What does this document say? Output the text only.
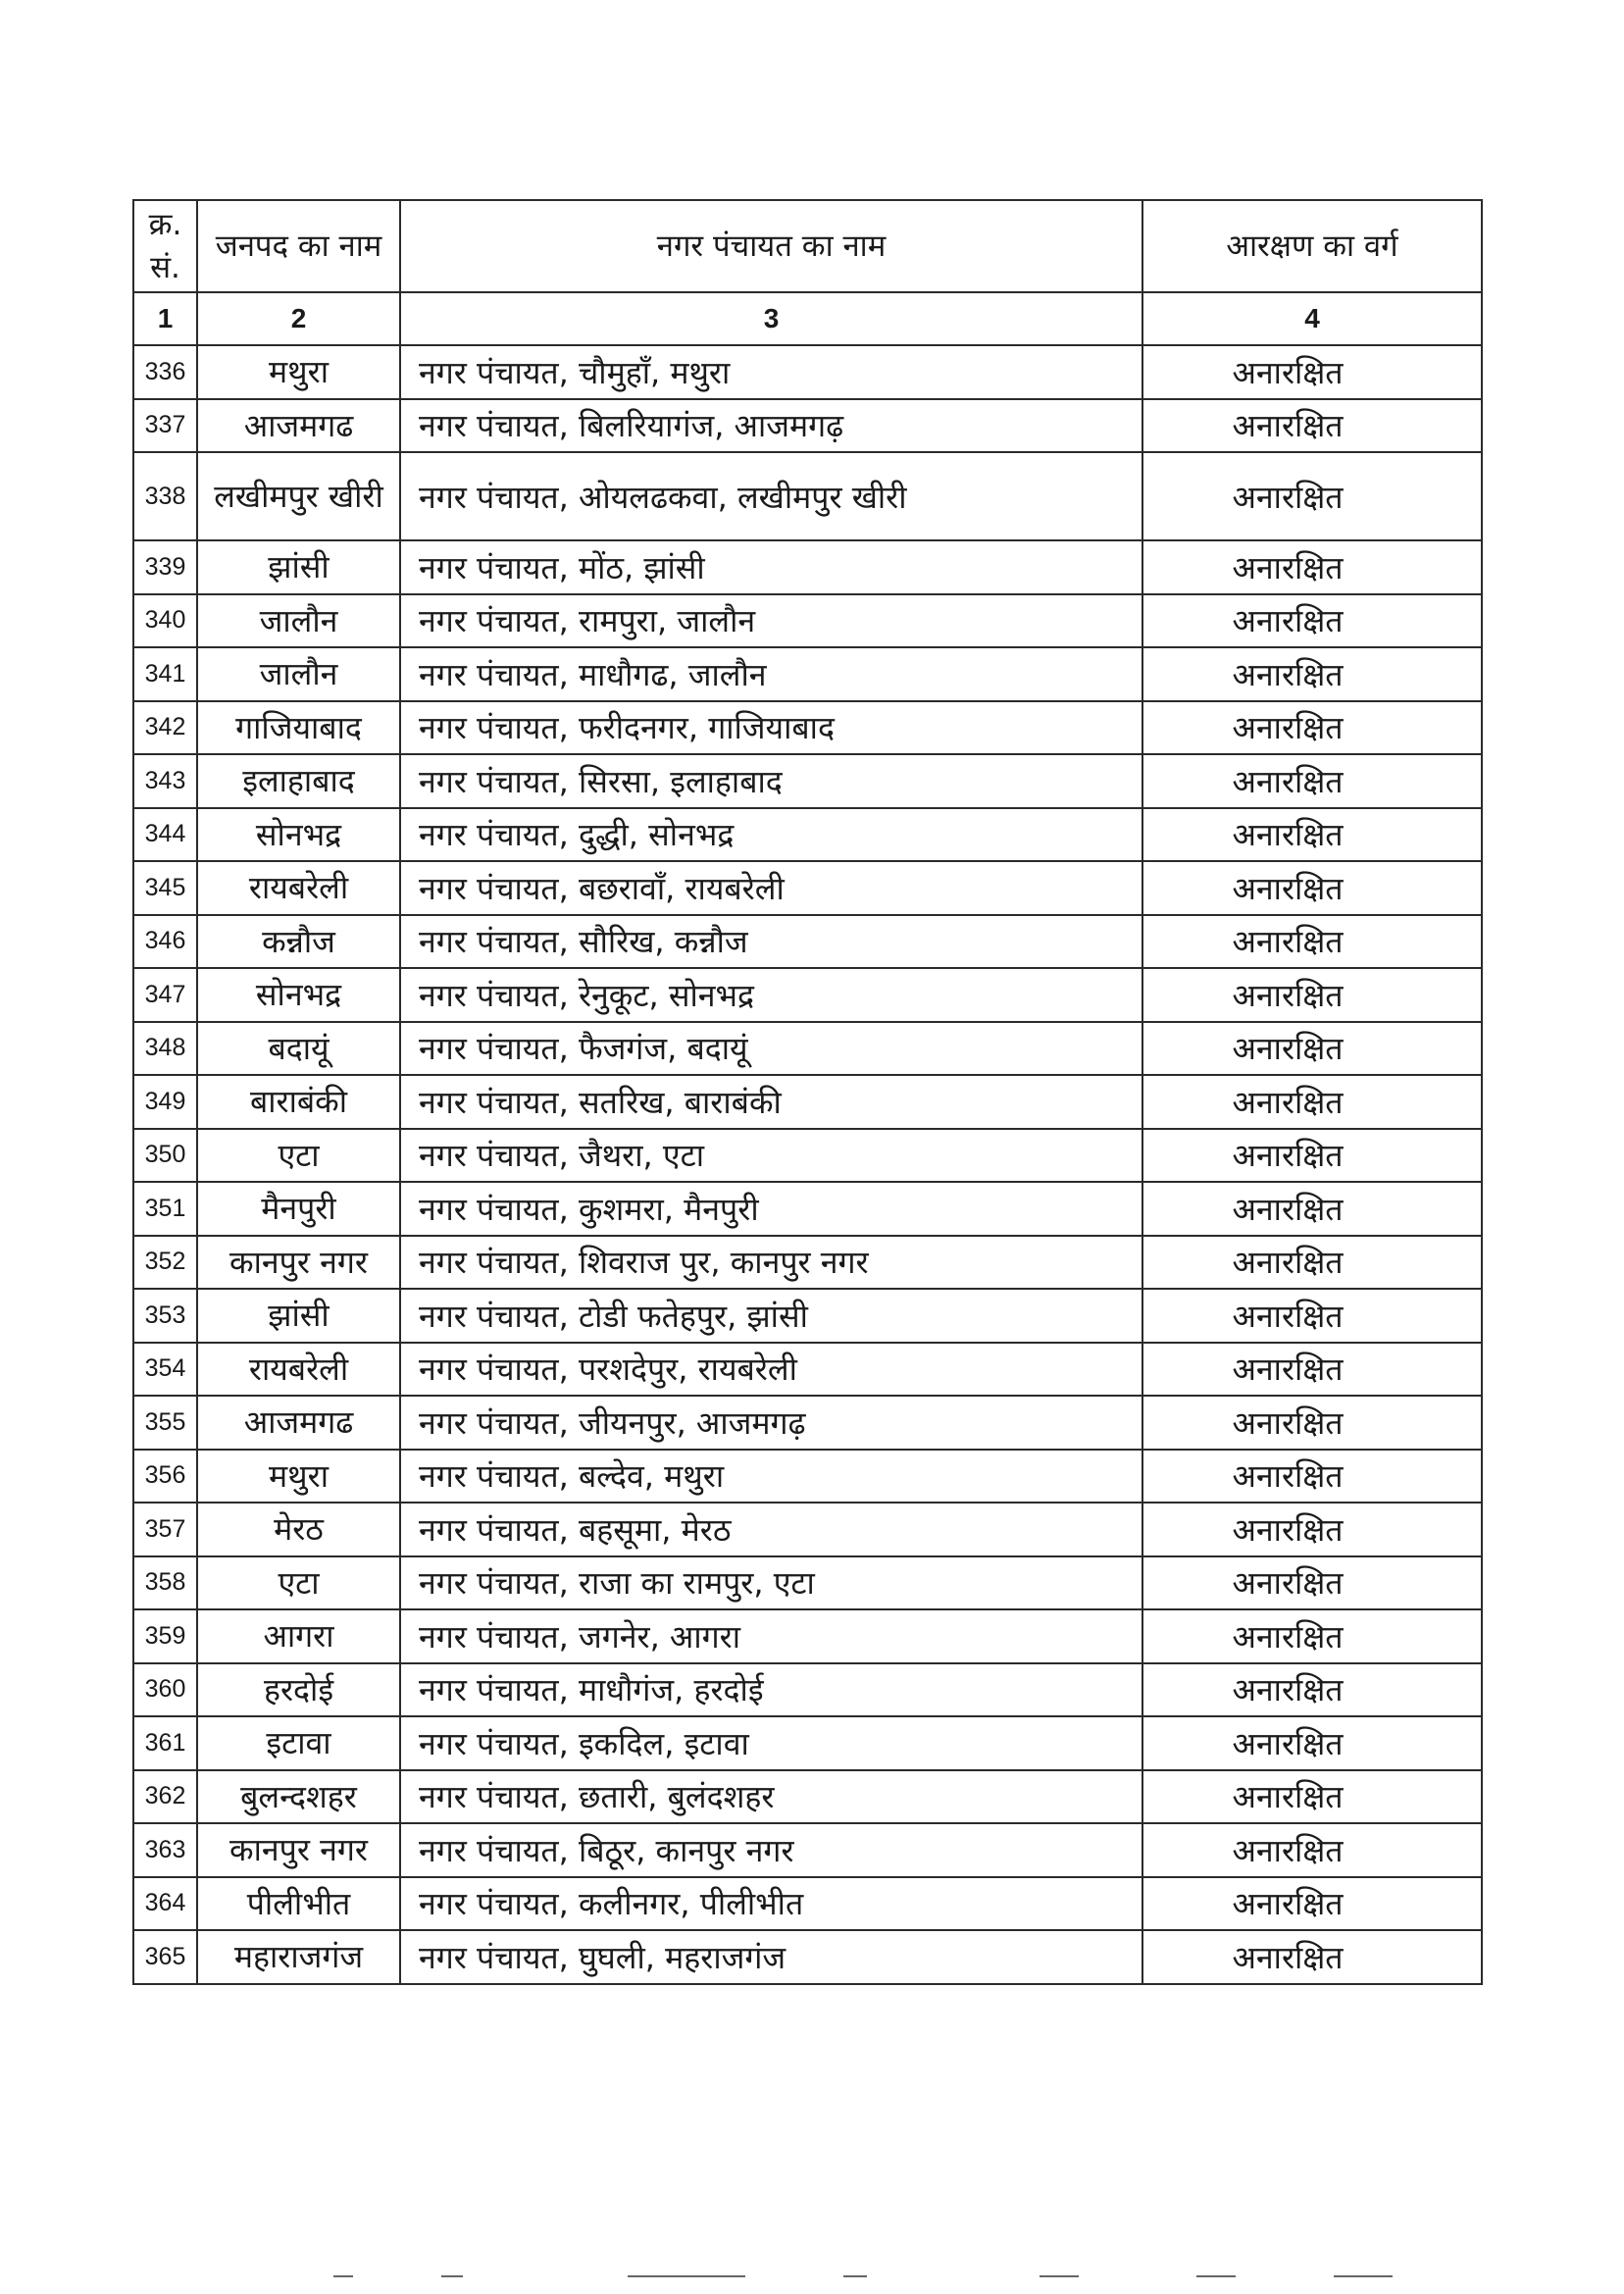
क्र. सं.	जनपद का नाम	नगर पंचायत का नाम	आरक्षण का वर्ग
1	2	3	4
336	मथुरा	नगर पंचायत, चौमुहाँ, मथुरा	अनारक्षित
337	आजमगढ	नगर पंचायत, बिलरियागंज, आजमगढ़	अनारक्षित
338	लखीमपुर खीरी	नगर पंचायत, ओयलढकवा, लखीमपुर खीरी	अनारक्षित
339	झांसी	नगर पंचायत, मोंठ, झांसी	अनारक्षित
340	जालौन	नगर पंचायत, रामपुरा, जालौन	अनारक्षित
341	जालौन	नगर पंचायत, माधौगढ, जालौन	अनारक्षित
342	गाजियाबाद	नगर पंचायत, फरीदनगर, गाजियाबाद	अनारक्षित
343	इलाहाबाद	नगर पंचायत, सिरसा, इलाहाबाद	अनारक्षित
344	सोनभद्र	नगर पंचायत, दुद्धी, सोनभद्र	अनारक्षित
345	रायबरेली	नगर पंचायत, बछरावाँ, रायबरेली	अनारक्षित
346	कन्नौज	नगर पंचायत, सौरिख, कन्नौज	अनारक्षित
347	सोनभद्र	नगर पंचायत, रेनुकूट, सोनभद्र	अनारक्षित
348	बदायूं	नगर पंचायत, फैजगंज, बदायूं	अनारक्षित
349	बाराबंकी	नगर पंचायत, सतरिख, बाराबंकी	अनारक्षित
350	एटा	नगर पंचायत, जैथरा, एटा	अनारक्षित
351	मैनपुरी	नगर पंचायत, कुशमरा, मैनपुरी	अनारक्षित
352	कानपुर नगर	नगर पंचायत, शिवराज पुर, कानपुर नगर	अनारक्षित
353	झांसी	नगर पंचायत, टोडी फतेहपुर, झांसी	अनारक्षित
354	रायबरेली	नगर पंचायत, परशदेपुर, रायबरेली	अनारक्षित
355	आजमगढ	नगर पंचायत, जीयनपुर, आजमगढ़	अनारक्षित
356	मथुरा	नगर पंचायत, बल्देव, मथुरा	अनारक्षित
357	मेरठ	नगर पंचायत, बहसूमा, मेरठ	अनारक्षित
358	एटा	नगर पंचायत, राजा का रामपुर, एटा	अनारक्षित
359	आगरा	नगर पंचायत, जगनेर, आगरा	अनारक्षित
360	हरदोई	नगर पंचायत, माधौगंज, हरदोई	अनारक्षित
361	इटावा	नगर पंचायत, इकदिल, इटावा	अनारक्षित
362	बुलन्दशहर	नगर पंचायत, छतारी, बुलंदशहर	अनारक्षित
363	कानपुर नगर	नगर पंचायत, बिठूर, कानपुर नगर	अनारक्षित
364	पीलीभीत	नगर पंचायत, कलीनगर, पीलीभीत	अनारक्षित
365	महाराजगंज	नगर पंचायत, घुघली, महराजगंज	अनारक्षित
